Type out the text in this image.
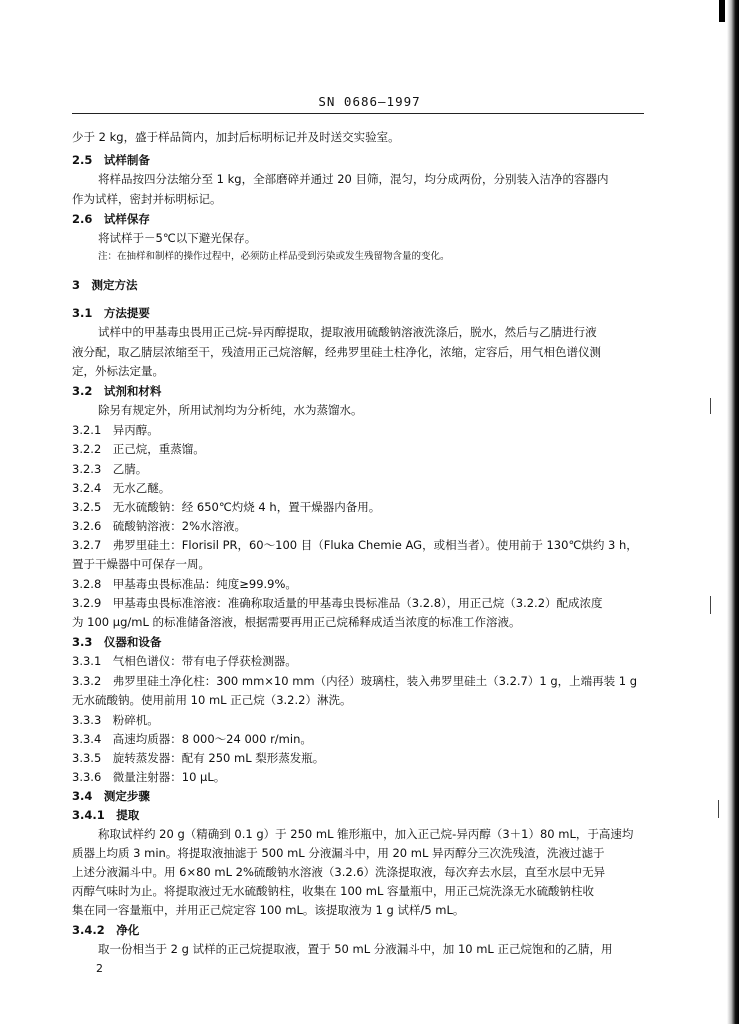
SN 0686—1997
少于 2 kg，盛于样品筒内，加封后标明标记并及时送交实验室。
2.5　试样制备
将样品按四分法缩分至 1 kg，全部磨碎并通过 20 目筛，混匀，均分成两份，分别装入洁净的容器内
作为试样，密封并标明标记。
2.6　试样保存
将试样于－5℃以下避光保存。
注：在抽样和制样的操作过程中，必须防止样品受到污染或发生残留物含量的变化。
3　测定方法
3.1　方法提要
试样中的甲基毒虫畏用正己烷-异丙醇提取，提取液用硫酸钠溶液洗涤后，脱水，然后与乙腈进行液
液分配，取乙腈层浓缩至干，残渣用正己烷溶解，经弗罗里硅土柱净化，浓缩，定容后，用气相色谱仪测
定，外标法定量。
3.2　试剂和材料
除另有规定外，所用试剂均为分析纯，水为蒸馏水。
3.2.1　异丙醇。
3.2.2　正己烷，重蒸馏。
3.2.3　乙腈。
3.2.4　无水乙醚。
3.2.5　无水硫酸钠：经 650℃灼烧 4 h，置干燥器内备用。
3.2.6　硫酸钠溶液：2%水溶液。
3.2.7　弗罗里硅土：Florisil PR，60～100 目（Fluka Chemie AG，或相当者）。使用前于 130℃烘约 3 h，
置于干燥器中可保存一周。
3.2.8　甲基毒虫畏标准品：纯度≥99.9%。
3.2.9　甲基毒虫畏标准溶液：准确称取适量的甲基毒虫畏标准品（3.2.8），用正己烷（3.2.2）配成浓度
为 100 μg/mL 的标准储备溶液，根据需要再用正己烷稀释成适当浓度的标准工作溶液。
3.3　仪器和设备
3.3.1　气相色谱仪：带有电子俘获检测器。
3.3.2　弗罗里硅土净化柱：300 mm×10 mm（内径）玻璃柱，装入弗罗里硅土（3.2.7）1 g，上端再装 1 g
无水硫酸钠。使用前用 10 mL 正己烷（3.2.2）淋洗。
3.3.3　粉碎机。
3.3.4　高速均质器：8 000～24 000 r/min。
3.3.5　旋转蒸发器：配有 250 mL 梨形蒸发瓶。
3.3.6　微量注射器：10 μL。
3.4　测定步骤
3.4.1　提取
称取试样约 20 g（精确到 0.1 g）于 250 mL 锥形瓶中，加入正己烷-异丙醇（3＋1）80 mL，于高速均
质器上均质 3 min。将提取液抽滤于 500 mL 分液漏斗中，用 20 mL 异丙醇分三次洗残渣，洗液过滤于
上述分液漏斗中。用 6×80 mL 2%硫酸钠水溶液（3.2.6）洗涤提取液，每次弃去水层，直至水层中无异
丙醇气味时为止。将提取液过无水硫酸钠柱，收集在 100 mL 容量瓶中，用正己烷洗涤无水硫酸钠柱收
集在同一容量瓶中，并用正己烷定容 100 mL。该提取液为 1 g 试样/5 mL。
3.4.2　净化
取一份相当于 2 g 试样的正己烷提取液，置于 50 mL 分液漏斗中，加 10 mL 正己烷饱和的乙腈，用
2
